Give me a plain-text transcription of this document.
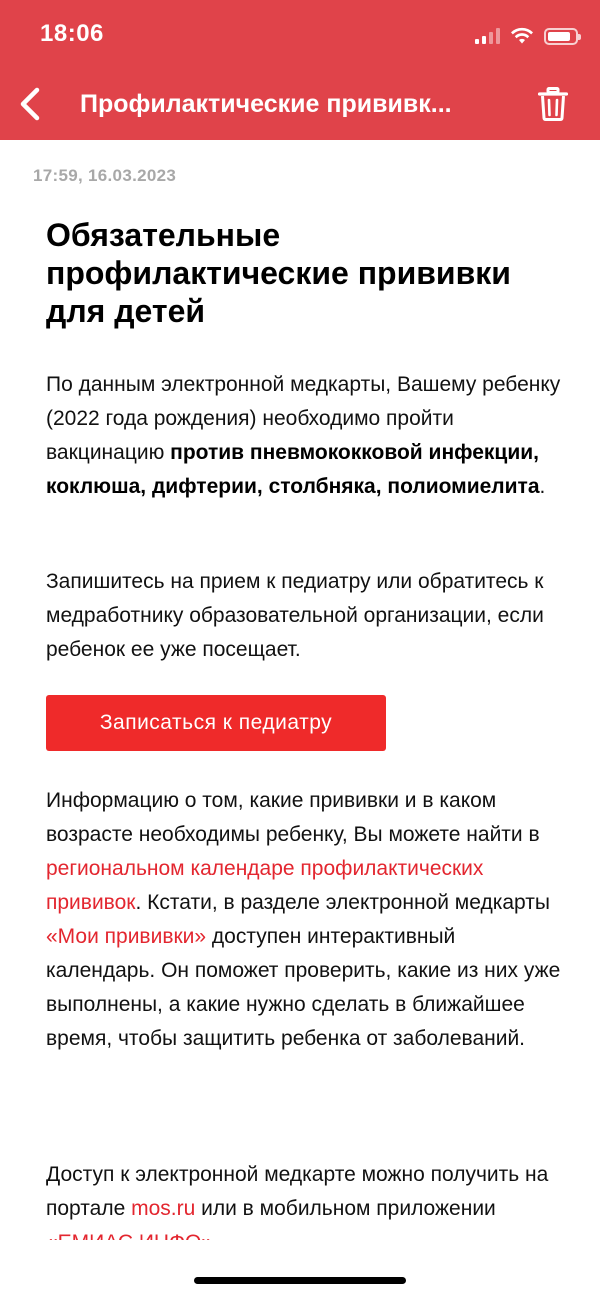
18:06
Профилактические прививк...
17:59, 16.03.2023
Обязательные профилактические прививки для детей

По данным электронной медкарты, Вашему ребенку (2022 года рождения) необходимо пройти вакцинацию против пневмококковой инфекции, коклюша, дифтерии, столбняка, полиомиелита.

Запишитесь на прием к педиатру или обратитесь к медработнику образовательной организации, если ребенок ее уже посещает.

Записаться к педиатру

Информацию о том, какие прививки и в каком возрасте необходимы ребенку, Вы можете найти в региональном календаре профилактических прививок. Кстати, в разделе электронной медкарты «Мои прививки» доступен интерактивный календарь. Он поможет проверить, какие из них уже выполнены, а какие нужно сделать в ближайшее время, чтобы защитить ребенка от заболеваний.

Доступ к электронной медкарте можно получить на портале mos.ru или в мобильном приложении
